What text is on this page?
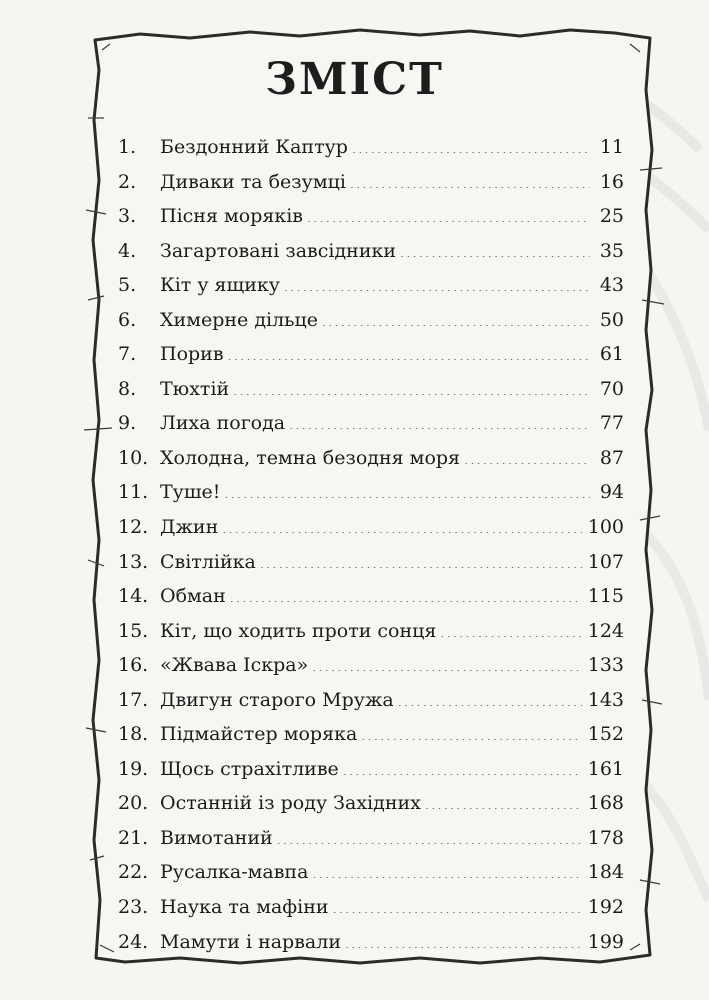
ЗМІСТ
1.	Бездонний Каптур . . .	11
2.	Диваки та безумці . . .	16
3.	Пісня моряків . . .	25
4.	Загартовані завсідники . . .	35
5.	Кіт у ящику . . .	43
6.	Химерне дільце . . .	50
7.	Порив . . .	61
8.	Тюхтій . . .	70
9.	Лиха погода . . .	77
10. Холодна, темна безодня моря . . .	87
11. Туше! . . .	94
12. Джин . . .	100
13. Світлійка . . .	107
14. Обман . . .	115
15. Кіт, що ходить проти сонця . . .	124
16. «Жвава Іскра» . . .	133
17. Двигун старого Мружа . . .	143
18. Підмайстер моряка . . .	152
19. Щось страхітливе . . .	161
20. Останній із роду Західних . . .	168
21. Вимотаний . . .	178
22. Русалка-мавпа . . .	184
23. Наука та мафіни . . .	192
24. Мамути і нарвали . . .	199
